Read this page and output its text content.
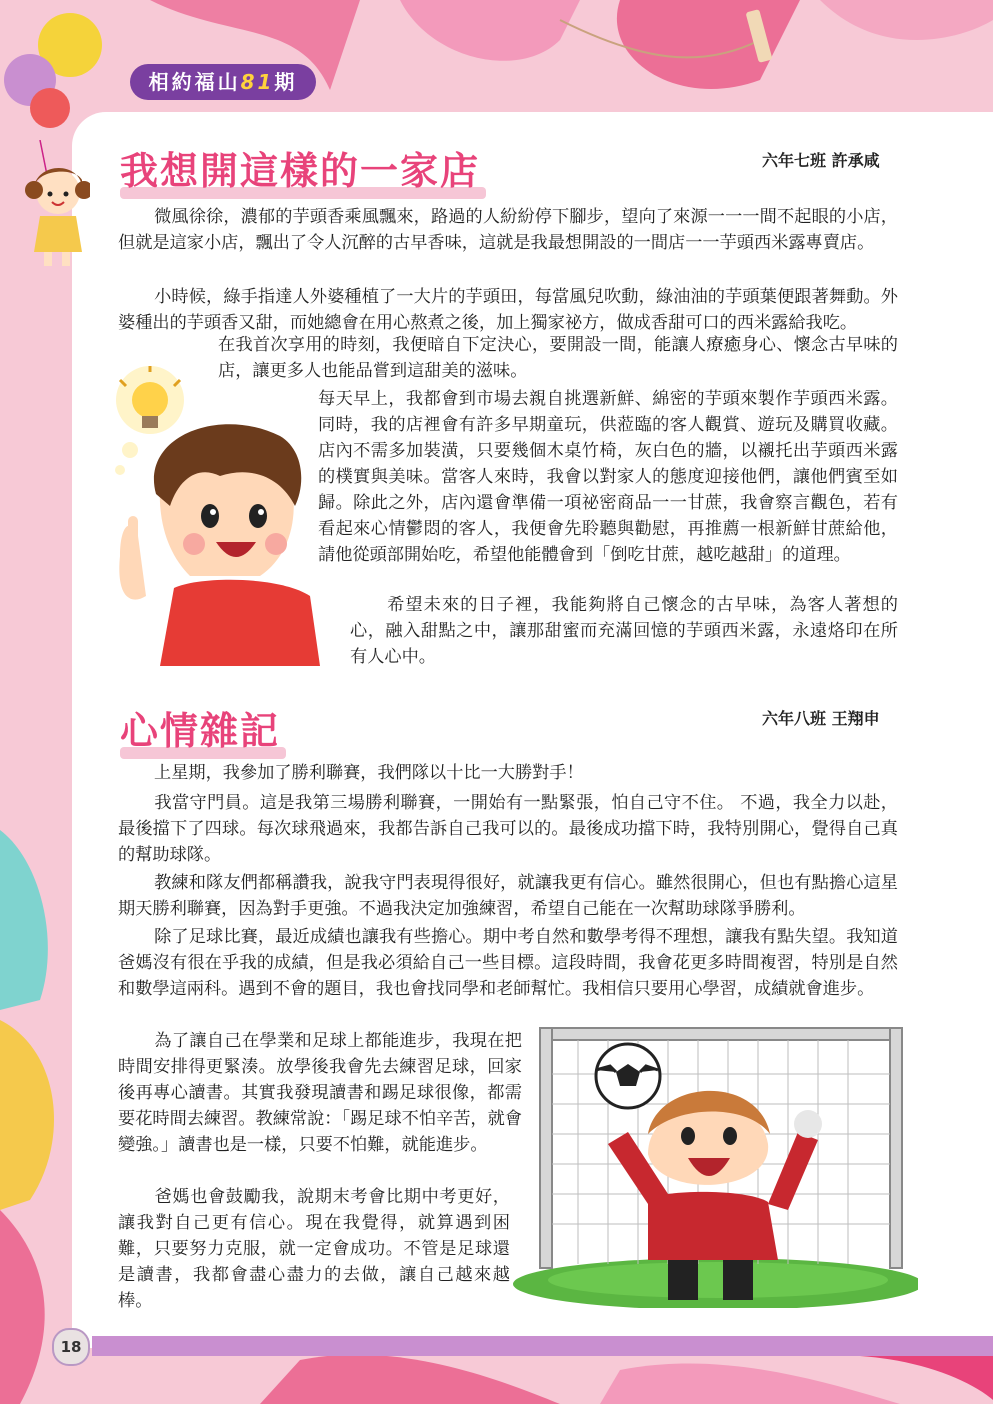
相約福山81期
我想開這樣的一家店	六年七班 許承咸

微風徐徐，濃郁的芋頭香乘風飄來，路過的人紛紛停下腳步，望向了來源一一一間不起眼的小店，但就是這家小店，飄出了令人沉醉的古早香味，這就是我最想開設的一間店一一芋頭西米露專賣店。

小時候，綠手指達人外婆種植了一大片的芋頭田，每當風兒吹動，綠油油的芋頭葉便跟著舞動。外婆種出的芋頭香又甜，而她總會在用心熬煮之後，加上獨家祕方，做成香甜可口的西米露給我吃。

在我首次享用的時刻，我便暗自下定決心，要開設一間，能讓人療癒身心、懷念古早味的店，讓更多人也能品嘗到這甜美的滋味。

每天早上，我都會到市場去親自挑選新鮮、綿密的芋頭來製作芋頭西米露。同時，我的店裡會有許多早期童玩，供蒞臨的客人觀賞、遊玩及購買收藏。店內不需多加裝潢，只要幾個木桌竹椅，灰白色的牆，以襯托出芋頭西米露的樸實與美味。當客人來時，我會以對家人的態度迎接他們，讓他們賓至如歸。除此之外，店內還會準備一項祕密商品一一甘蔗，我會察言觀色，若有看起來心情鬱悶的客人，我便會先聆聽與勸慰，再推薦一根新鮮甘蔗給他，請他從頭部開始吃，希望他能體會到「倒吃甘蔗，越吃越甜」的道理。

希望未來的日子裡，我能夠將自己懷念的古早味，為客人著想的心，融入甜點之中，讓那甜蜜而充滿回憶的芋頭西米露，永遠烙印在所有人心中。

心情雜記	六年八班 王翔申

上星期，我參加了勝利聯賽，我們隊以十比一大勝對手！

我當守門員。這是我第三場勝利聯賽，一開始有一點緊張，怕自己守不住。 不過，我全力以赴，最後擋下了四球。每次球飛過來，我都告訴自己我可以的。最後成功擋下時，我特別開心，覺得自己真的幫助球隊。

教練和隊友們都稱讚我，說我守門表現得很好，就讓我更有信心。雖然很開心，但也有點擔心這星期天勝利聯賽，因為對手更強。不過我決定加強練習，希望自己能在一次幫助球隊爭勝利。

除了足球比賽，最近成績也讓我有些擔心。期中考自然和數學考得不理想，讓我有點失望。我知道爸媽沒有很在乎我的成績，但是我必須給自己一些目標。這段時間，我會花更多時間複習，特別是自然和數學這兩科。遇到不會的題目，我也會找同學和老師幫忙。我相信只要用心學習，成績就會進步。

為了讓自己在學業和足球上都能進步，我現在把時間安排得更緊湊。放學後我會先去練習足球，回家後再專心讀書。其實我發現讀書和踢足球很像，都需要花時間去練習。教練常說：「踢足球不怕辛苦，就會變強。」讀書也是一樣，只要不怕難，就能進步。

爸媽也會鼓勵我，說期末考會比期中考更好，讓我對自己更有信心。現在我覺得，就算遇到困難，只要努力克服，就一定會成功。不管是足球還是讀書，我都會盡心盡力的去做，讓自己越來越棒。

18
